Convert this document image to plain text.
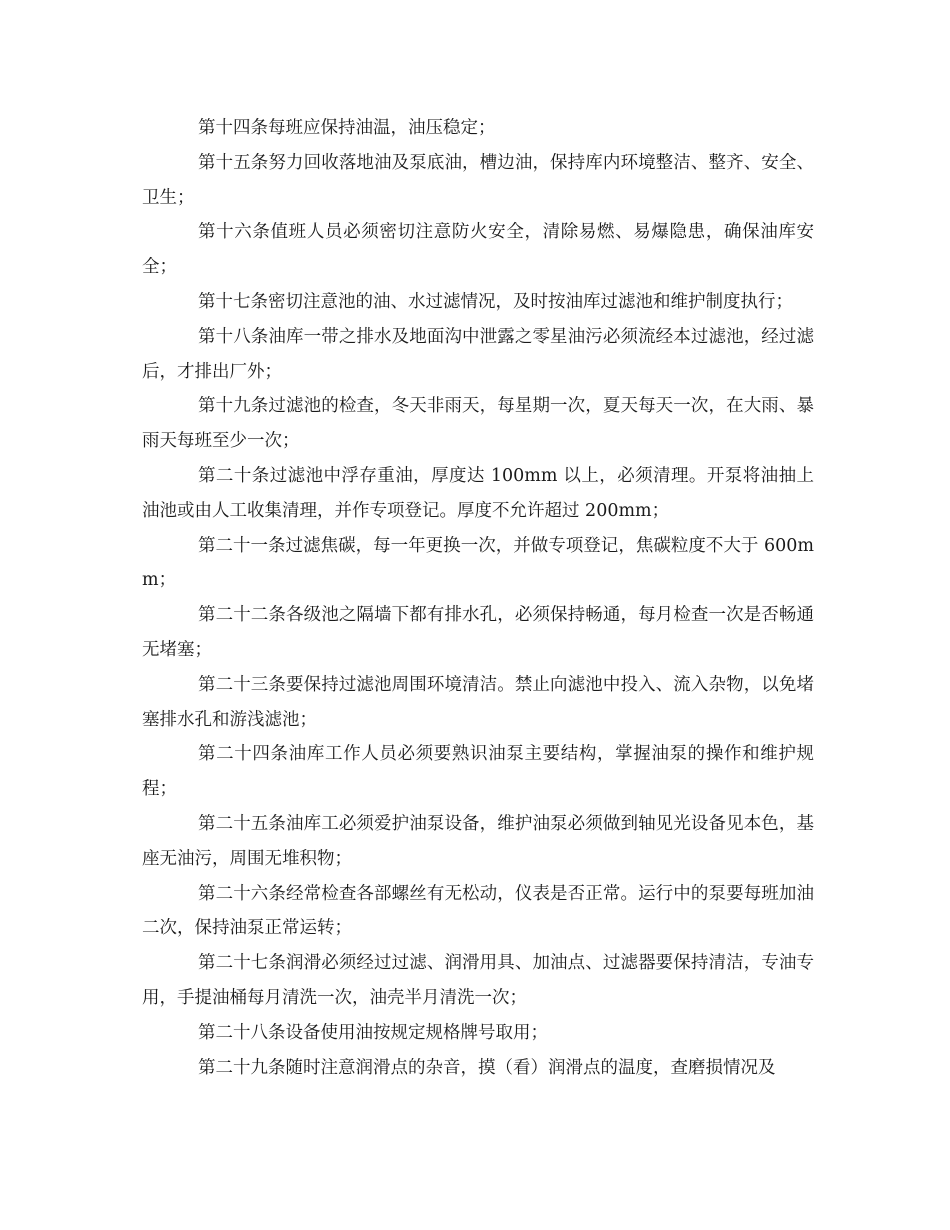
第十四条每班应保持油温，油压稳定；

第十五条努力回收落地油及泵底油，槽边油，保持库内环境整洁、整齐、安全、卫生；

第十六条值班人员必须密切注意防火安全，清除易燃、易爆隐患，确保油库安全；

第十七条密切注意池的油、水过滤情况，及时按油库过滤池和维护制度执行；

第十八条油库一带之排水及地面沟中泄露之零星油污必须流经本过滤池，经过滤后，才排出厂外；

第十九条过滤池的检查，冬天非雨天，每星期一次，夏天每天一次，在大雨、暴雨天每班至少一次；

第二十条过滤池中浮存重油，厚度达 100mm 以上，必须清理。开泵将油抽上油池或由人工收集清理，并作专项登记。厚度不允许超过 200mm；

第二十一条过滤焦碳，每一年更换一次，并做专项登记，焦碳粒度不大于 600mm；

第二十二条各级池之隔墙下都有排水孔，必须保持畅通，每月检查一次是否畅通无堵塞；

第二十三条要保持过滤池周围环境清洁。禁止向滤池中投入、流入杂物，以免堵塞排水孔和游浅滤池；

第二十四条油库工作人员必须要熟识油泵主要结构，掌握油泵的操作和维护规程；

第二十五条油库工必须爱护油泵设备，维护油泵必须做到轴见光设备见本色，基座无油污，周围无堆积物；

第二十六条经常检查各部螺丝有无松动，仪表是否正常。运行中的泵要每班加油二次，保持油泵正常运转；

第二十七条润滑必须经过过滤、润滑用具、加油点、过滤器要保持清洁，专油专用，手提油桶每月清洗一次，油壳半月清洗一次；

第二十八条设备使用油按规定规格牌号取用；

第二十九条随时注意润滑点的杂音，摸（看）润滑点的温度，查磨损情况及
